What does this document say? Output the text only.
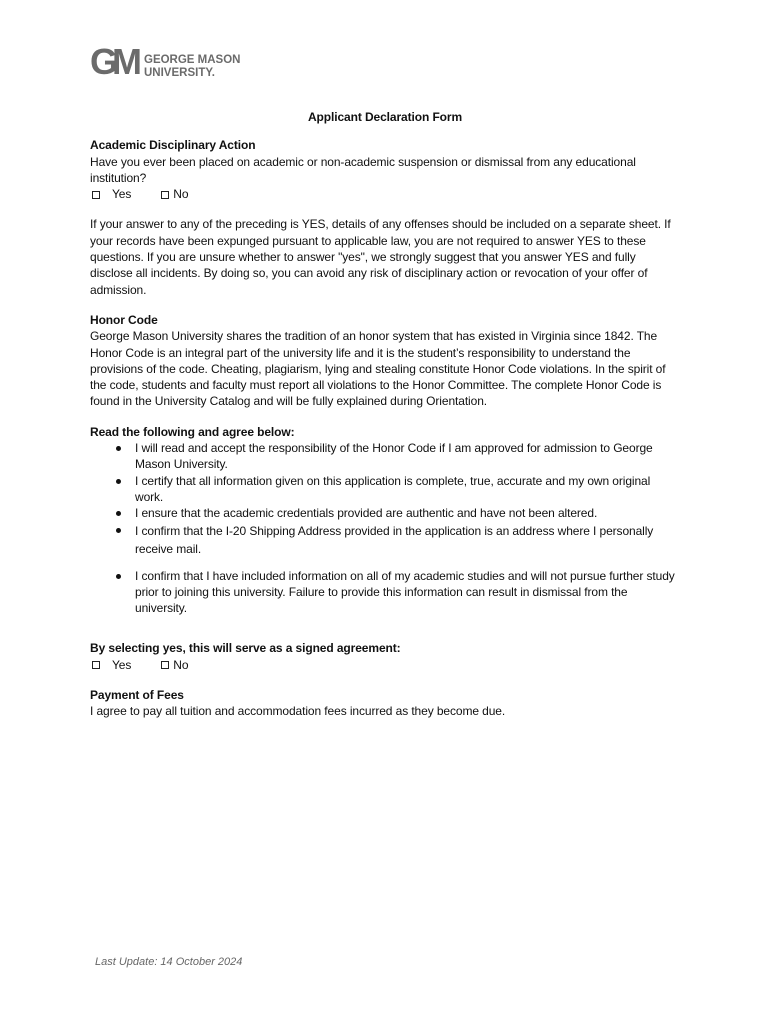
GM GEORGE MASON
UNIVERSITY.

Applicant Declaration Form

Academic Disciplinary Action

Have you ever been placed on academic or non-academic suspension or dismissal from any educational institution?

Yes	No

If your answer to any of the preceding is YES, details of any offenses should be included on a separate sheet. If your records have been expunged pursuant to applicable law, you are not required to answer YES to these questions. If you are unsure whether to answer "yes", we strongly suggest that you answer YES and fully disclose all incidents. By doing so, you can avoid any risk of disciplinary action or revocation of your offer of admission.

Honor Code

George Mason University shares the tradition of an honor system that has existed in Virginia since 1842. The Honor Code is an integral part of the university life and it is the student’s responsibility to understand the provisions of the code. Cheating, plagiarism, lying and stealing constitute Honor Code violations. In the spirit of the code, students and faculty must report all violations to the Honor Committee. The complete Honor Code is found in the University Catalog and will be fully explained during Orientation.

Read the following and agree below:

I will read and accept the responsibility of the Honor Code if I am approved for admission to George Mason University.
I certify that all information given on this application is complete, true, accurate and my own original work.
I ensure that the academic credentials provided are authentic and have not been altered.
I confirm that the I-20 Shipping Address provided in the application is an address where I personally receive mail.
I confirm that I have included information on all of my academic studies and will not pursue further study prior to joining this university. Failure to provide this information can result in dismissal from the university.

By selecting yes, this will serve as a signed agreement:

Yes	No

Payment of Fees

I agree to pay all tuition and accommodation fees incurred as they become due.

Last Update: 14 October 2024
